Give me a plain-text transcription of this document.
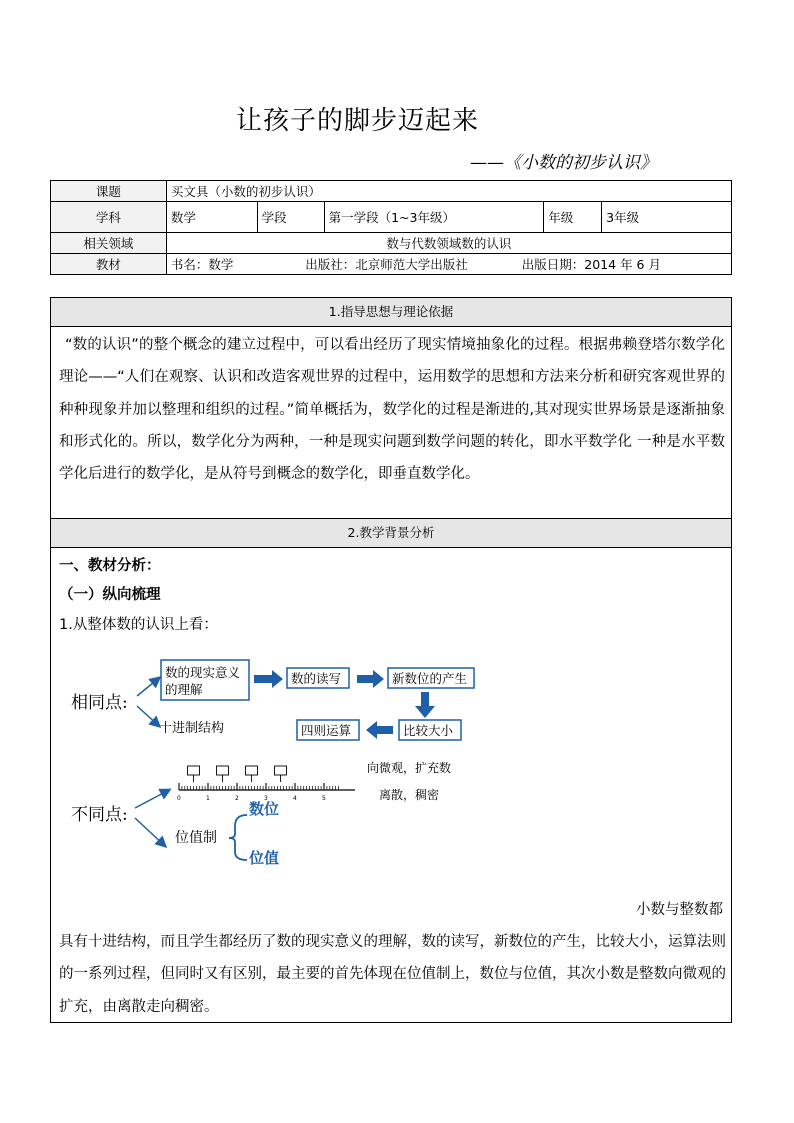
让孩子的脚步迈起来
——《小数的初步认识》
课题	买文具（小数的初步认识）				
学科	数学	学段	第一学段（1~3年级）	年级	3年级
相关领域	数与代数领域数的认识				
教材	书名：数学 出版社：北京师范大学出版社 出版日期：2014 年 6 月				
1.指导思想与理论依据
“数的认识”的整个概念的建立过程中，可以看出经历了现实情境抽象化的过程。根据弗赖登塔尔数学化理论——“人们在观察、认识和改造客观世界的过程中，运用数学的思想和方法来分析和研究客观世界的种种现象并加以整理和组织的过程。”简单概括为，数学化的过程是渐进的,其对现实世界场景是逐渐抽象和形式化的。所以，数学化分为两种，一种是现实问题到数学问题的转化，即水平数学化 一种是水平数学化后进行的数学化，是从符号到概念的数学化，即垂直数学化。
2.教学背景分析
一、教材分析：
（一）纵向梳理
1.从整体数的认识上看：
相同点:
数的现实意义
的理解
数的读写	新数位的产生
比较大小
四则运算
十进制结构
不同点:
0	1	2	3	4	5
向微观，扩充数
离散，稠密
位值制
数位
位值
小数与整数都
具有十进结构，而且学生都经历了数的现实意义的理解，数的读写，新数位的产生，比较大小，运算法则的一系列过程，但同时又有区别，最主要的首先体现在位值制上，数位与位值，其次小数是整数向微观的扩充，由离散走向稠密。
